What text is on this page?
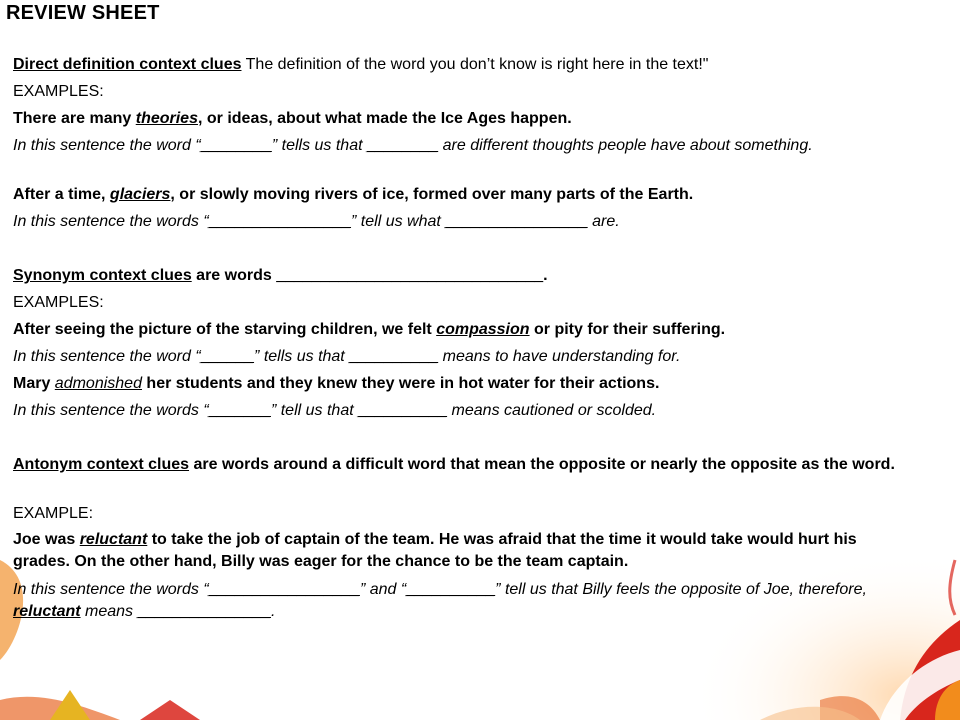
REVIEW SHEET
Direct definition context clues The definition of the word you don’t know is right here in the text!"
EXAMPLES:
There are many theories, or ideas, about what made the Ice Ages happen.
In this sentence the word “________” tells us that ________ are different thoughts people have about something.
After a time, glaciers, or slowly moving rivers of ice, formed over many parts of the Earth.
In this sentence the words “________________” tell us what ________________ are.
Synonym context clues are words ______________________________.
EXAMPLES:
After seeing the picture of the starving children, we felt compassion or pity for their suffering.
In this sentence the word “______” tells us that __________ means to have understanding for.
Mary admonished her students and they knew they were in hot water for their actions.
In this sentence the words “_______” tell us that __________ means cautioned or scolded.
Antonym context clues are words around a difficult word that mean the opposite or nearly the opposite as the word.
EXAMPLE:
Joe was reluctant to take the job of captain of the team. He was afraid that the time it would take would hurt his grades. On the other hand, Billy was eager for the chance to be the team captain.
In this sentence the words “_________________” and “__________” tell us that Billy feels the opposite of Joe, therefore, reluctant means _______________.
